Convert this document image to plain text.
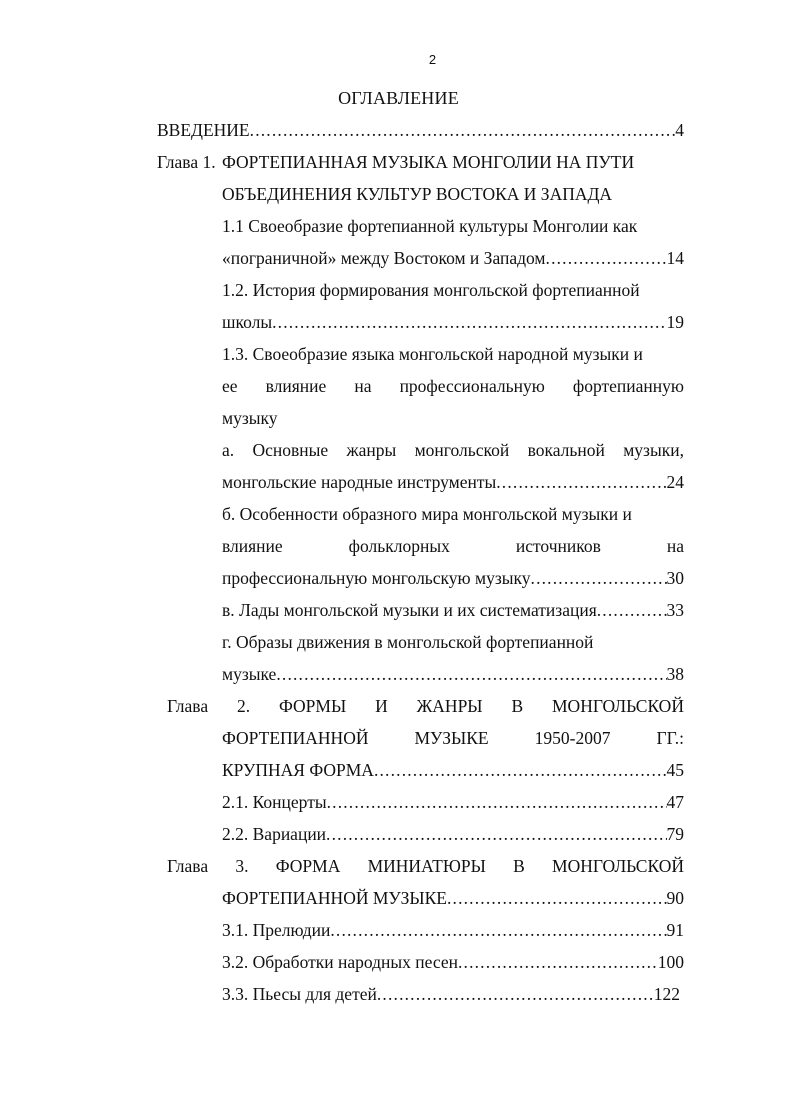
2
ОГЛАВЛЕНИЕ
ВВЕДЕНИЕ . . .	4
Глава 1. ФОРТЕПИАННАЯ МУЗЫКА МОНГОЛИИ НА ПУТИ
ОБЪЕДИНЕНИЯ КУЛЬТУР ВОСТОКА И ЗАПАДА
1.1 Своеобразие фортепианной культуры Монголии как
«пограничной» между Востоком и Западом . . .	14
1.2. История формирования монгольской фортепианной
школы . . .	19
1.3. Своеобразие языка монгольской народной музыки и
ее влияние на профессиональную фортепианную
музыку
а. Основные жанры монгольской вокальной музыки,
монгольские народные инструменты . . .	24
б. Особенности образного мира монгольской музыки и
влияние	фольклорных	источников	на
профессиональную монгольскую музыку . . .	30
в. Лады монгольской музыки и их систематизация . . .	33
г. Образы движения в монгольской фортепианной
музыке . . .	38
Глава 2. ФОРМЫ И ЖАНРЫ В МОНГОЛЬСКОЙ
ФОРТЕПИАННОЙ	МУЗЫКЕ	1950-2007	ГГ.:
КРУПНАЯ ФОРМА . . .	45
2.1. Концерты . . .	47
2.2. Вариации . . .	79
Глава 3. ФОРМА МИНИАТЮРЫ В МОНГОЛЬСКОЙ
ФОРТЕПИАННОЙ МУЗЫКЕ . . .	90
3.1. Прелюдии . . .	91
3.2. Обработки народных песен . . .	100
3.3. Пьесы для детей . . .	122
